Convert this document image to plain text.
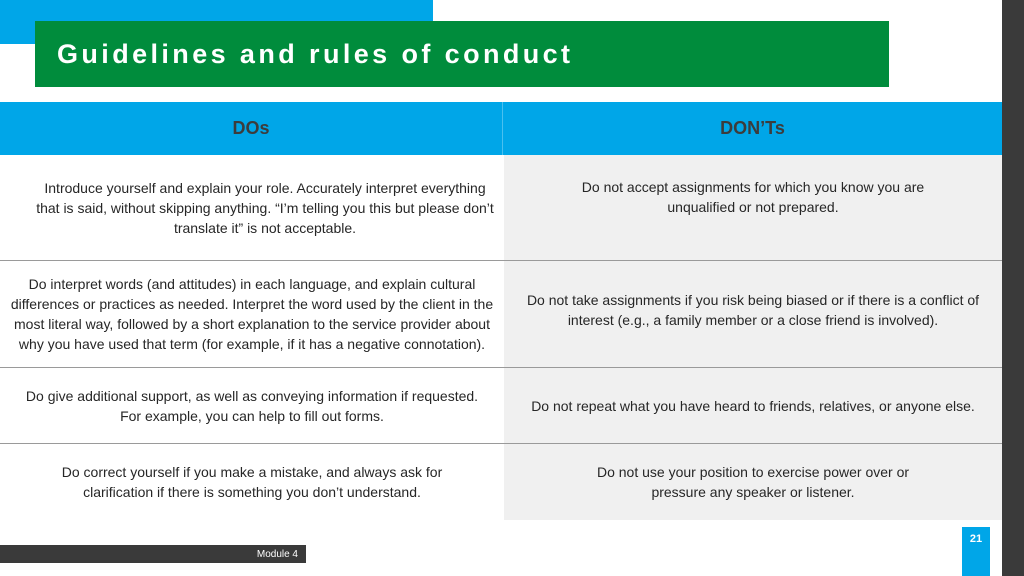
Guidelines and rules of conduct
DOs	DON’Ts
Introduce yourself and explain your role. Accurately interpret everything that is said, without skipping anything. “I’m telling you this but please don’t translate it” is not acceptable.
Do not accept assignments for which you know you are unqualified or not prepared.
Do interpret words (and attitudes) in each language, and explain cultural differences or practices as needed. Interpret the word used by the client in the most literal way, followed by a short explanation to the service provider about why you have used that term (for example, if it has a negative connotation).
Do not take assignments if you risk being biased or if there is a conflict of interest (e.g., a family member or a close friend is involved).
Do give additional support, as well as conveying information if requested. For example, you can help to fill out forms.
Do not repeat what you have heard to friends, relatives, or anyone else.
Do correct yourself if you make a mistake, and always ask for clarification if there is something you don’t understand.
Do not use your position to exercise power over or pressure any speaker or listener.
Module 4
21
